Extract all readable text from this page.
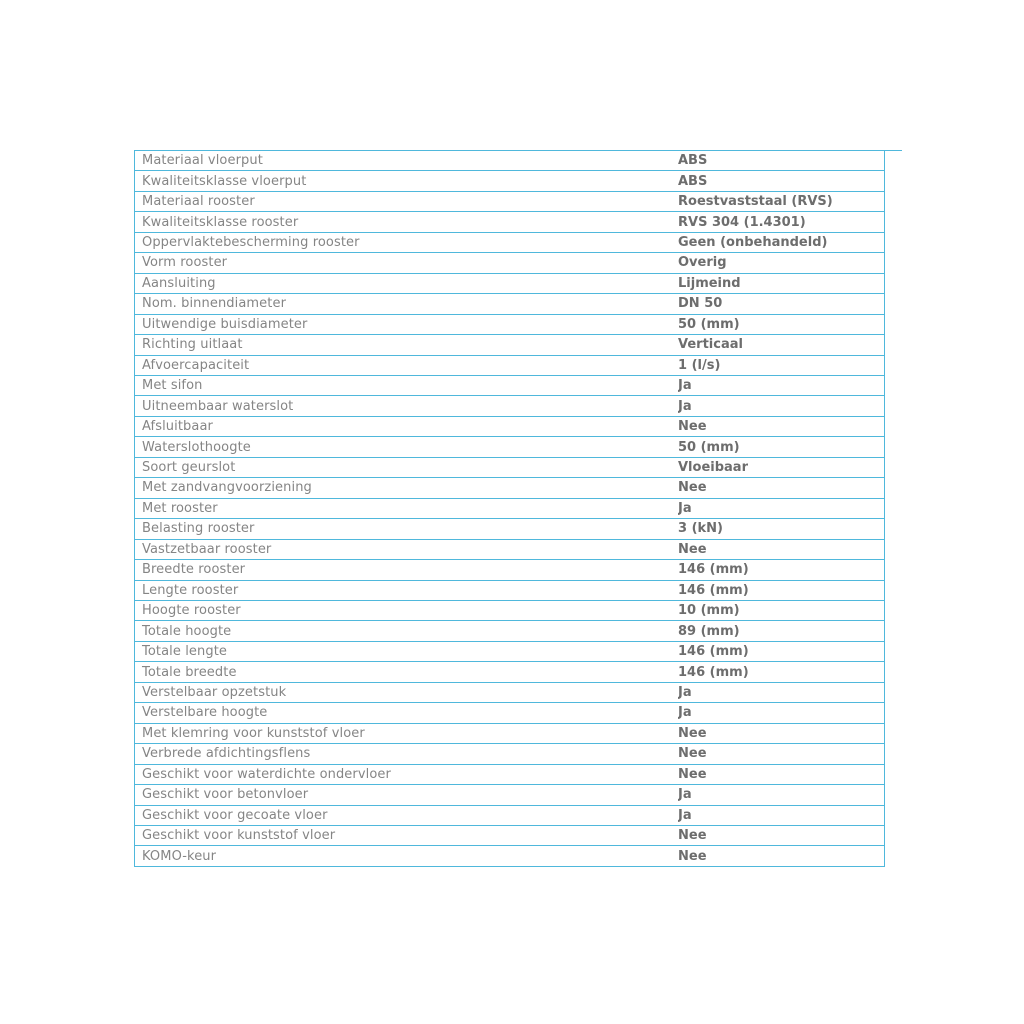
Materiaal vloerput	ABS
Kwaliteitsklasse vloerput	ABS
Materiaal rooster	Roestvaststaal (RVS)
Kwaliteitsklasse rooster	RVS 304 (1.4301)
Oppervlaktebescherming rooster	Geen (onbehandeld)
Vorm rooster	Overig
Aansluiting	Lijmeind
Nom. binnendiameter	DN 50
Uitwendige buisdiameter	50 (mm)
Richting uitlaat	Verticaal
Afvoercapaciteit	1 (l/s)
Met sifon	Ja
Uitneembaar waterslot	Ja
Afsluitbaar	Nee
Waterslothoogte	50 (mm)
Soort geurslot	Vloeibaar
Met zandvangvoorziening	Nee
Met rooster	Ja
Belasting rooster	3 (kN)
Vastzetbaar rooster	Nee
Breedte rooster	146 (mm)
Lengte rooster	146 (mm)
Hoogte rooster	10 (mm)
Totale hoogte	89 (mm)
Totale lengte	146 (mm)
Totale breedte	146 (mm)
Verstelbaar opzetstuk	Ja
Verstelbare hoogte	Ja
Met klemring voor kunststof vloer	Nee
Verbrede afdichtingsflens	Nee
Geschikt voor waterdichte ondervloer	Nee
Geschikt voor betonvloer	Ja
Geschikt voor gecoate vloer	Ja
Geschikt voor kunststof vloer	Nee
KOMO-keur	Nee
